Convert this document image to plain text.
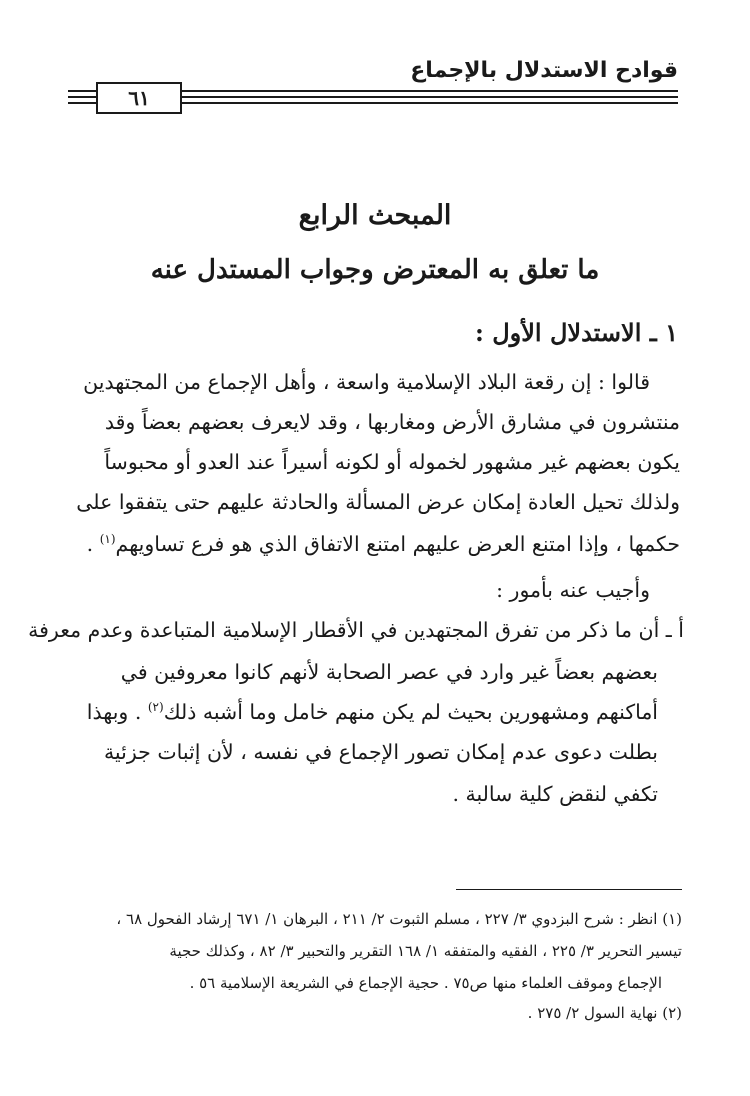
قوادح الاستدلال بالإجماع
٦١
المبحث الرابع
ما تعلق به المعترض وجواب المستدل عنه
١ ـ الاستدلال الأول :
قالوا : إن رقعة البلاد الإسلامية واسعة ، وأهل الإجماع من المجتهدين
منتشرون في مشارق الأرض ومغاربها ، وقد لايعرف بعضهم بعضاً وقد
يكون بعضهم غير مشهور لخموله أو لكونه أسيراً عند العدو أو محبوساً
ولذلك تحيل العادة إمكان عرض المسألة والحادثة عليهم حتى يتفقوا على
حكمها ، وإذا امتنع العرض عليهم امتنع الاتفاق الذي هو فرع تساويهم$^{(١)}$ .
وأجيب عنه بأمور :
أ ـ أن ما ذكر من تفرق المجتهدين في الأقطار الإسلامية المتباعدة وعدم معرفة
بعضهم بعضاً غير وارد في عصر الصحابة لأنهم كانوا معروفين في
أماكنهم ومشهورين بحيث لم يكن منهم خامل وما أشبه ذلك$^{(٢)}$ . وبهذا
بطلت دعوى عدم إمكان تصور الإجماع في نفسه ، لأن إثبات جزئية
تكفي لنقض كلية سالبة .
(١) انظر : شرح البزدوي ٣/ ٢٢٧ ، مسلم الثبوت ٢/ ٢١١ ، البرهان ١/ ٦٧١ إرشاد الفحول ٦٨ ،
تيسير التحرير ٣/ ٢٢٥ ، الفقيه والمتفقه ١/ ١٦٨ التقرير والتحبير ٣/ ٨٢ ، وكذلك حجية
الإجماع وموقف العلماء منها ص٧٥ . حجية الإجماع في الشريعة الإسلامية ٥٦ .
(٢) نهاية السول ٢/ ٢٧٥ .
